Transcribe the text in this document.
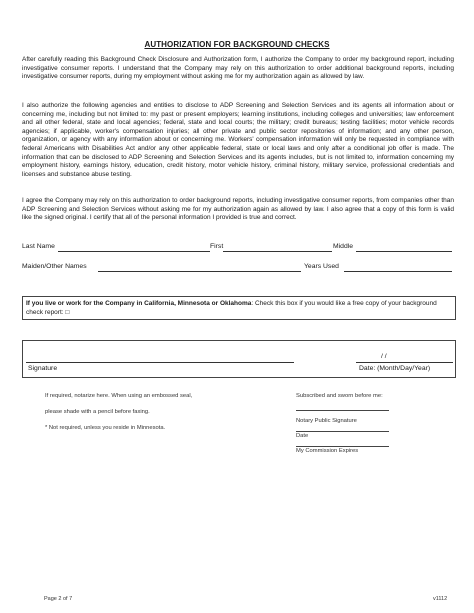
AUTHORIZATION FOR BACKGROUND CHECKS

After carefully reading this Background Check Disclosure and Authorization form, I authorize the Company to order my background report, including investigative consumer reports. I understand that the Company may rely on this authorization to order additional background reports, including investigative consumer reports, during my employment without asking me for my authorization again as allowed by law.

I also authorize the following agencies and entities to disclose to ADP Screening and Selection Services and its agents all information about or concerning me, including but not limited to: my past or present employers; learning institutions, including colleges and universities; law enforcement and all other federal, state and local agencies; federal, state and local courts; the military; credit bureaus; testing facilities; motor vehicle records agencies; if applicable, worker's compensation injuries; all other private and public sector repositories of information; and any other person, organization, or agency with any information about or concerning me. Workers' compensation information will only be requested in compliance with federal Americans with Disabilities Act and/or any other applicable federal, state or local laws and only after a conditional job offer is made. The information that can be disclosed to ADP Screening and Selection Services and its agents includes, but is not limited to, information concerning my employment history, earnings history, education, credit history, motor vehicle history, criminal history, military service, professional credentials and licenses and substance abuse testing.

I agree the Company may rely on this authorization to order background reports, including investigative consumer reports, from companies other than ADP Screening and Selection Services without asking me for my authorization again as allowed by law. I also agree that a copy of this form is valid like the signed original. I certify that all of the personal information I provided is true and correct.

Last Name	First	Middle
Maiden/Other Names	Years Used
If you live or work for the Company in California, Minnesota or Oklahoma: Check this box if you would like a free copy of your background check report: □
Signature
/ /
Date: (Month/Day/Year)
If required, notarize here. When using an embossed seal,
please shade with a pencil before faxing.
* Not required, unless you reside in Minnesota.
Subscribed and sworn before me:
Notary Public Signature
Date
My Commission Expires
Page 2 of 7	v1112
